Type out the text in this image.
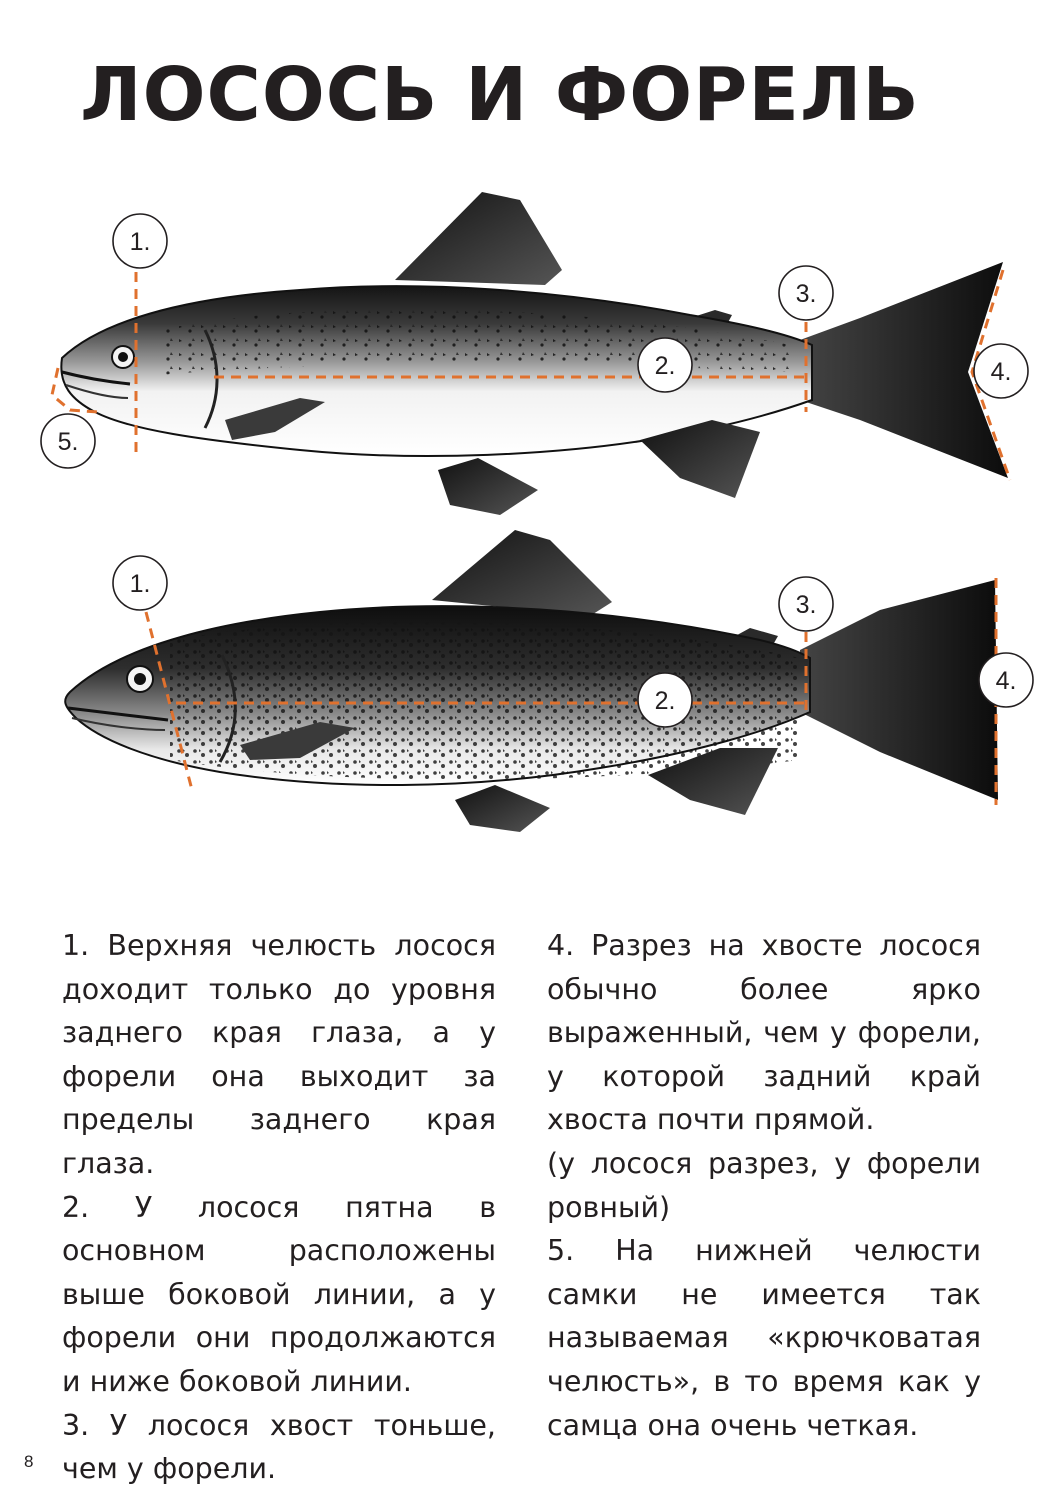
ЛОСОСЬ И ФОРЕЛЬ
1.
2.
3.
4.
5.
1.
2.
3.
4.

1. Верхняя челюсть лосося доходит только до уровня заднего края глаза, а у форели она выходит за пределы заднего края глаза.

2. У лосося пятна в основном расположены выше боковой линии, а у форели они продолжаются и ниже боковой линии.

3. У лосося хвост тоньше, чем у форели.

4. Разрез на хвосте лосося обычно более ярко выраженный, чем у форели, у которой задний край хвоста почти прямой.

(у лосося разрез, у форели ровный)

5. На нижней челюсти самки не имеется так называемая «крючковатая челюсть», в то время как у самца она очень четкая.

8
